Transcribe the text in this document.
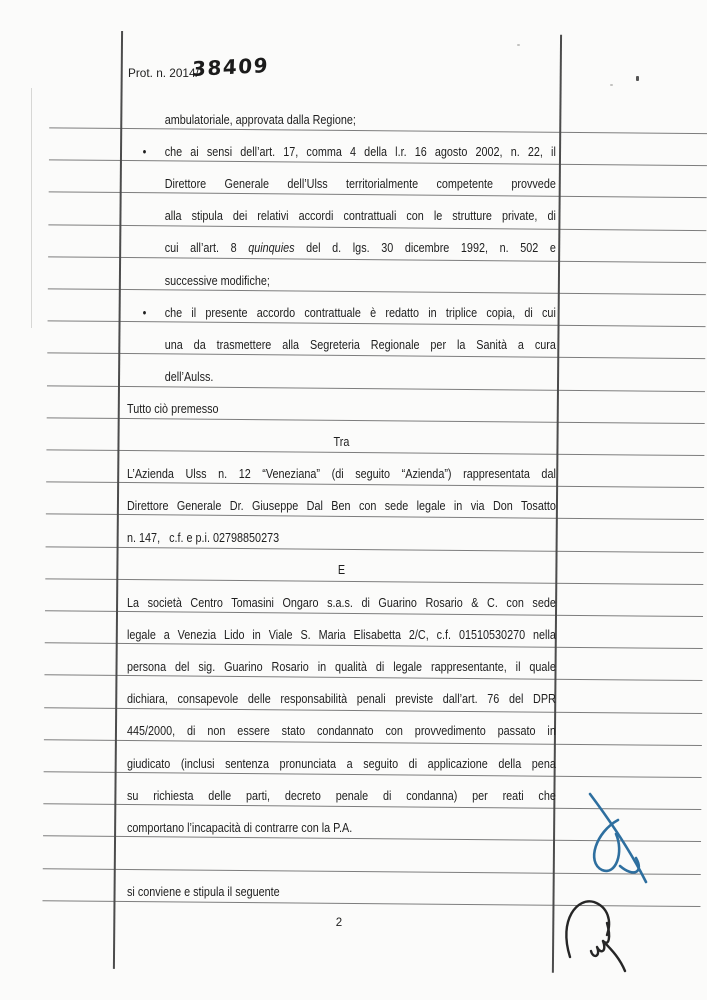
Prot. n. 2014/
38409
ambulatoriale, approvata dalla Regione;
• che ai sensi dell’art. 17, comma 4 della l.r. 16 agosto 2002, n. 22, il
Direttore Generale dell’Ulss territorialmente competente provvede
alla stipula dei relativi accordi contrattuali con le strutture private, di
cui all’art. 8 quinquies del d. lgs. 30 dicembre 1992, n. 502 e
successive modifiche;
• che il presente accordo contrattuale è redatto in triplice copia, di cui
una da trasmettere alla Segreteria Regionale per la Sanità a cura
dell’Aulss.
Tutto ciò premesso
Tra
L’Azienda Ulss n. 12 “Veneziana” (di seguito “Azienda”) rappresentata dal
Direttore Generale Dr. Giuseppe Dal Ben con sede legale in via Don Tosatto
n. 147,   c.f. e p.i. 02798850273
E
La società Centro Tomasini Ongaro s.a.s. di Guarino Rosario & C. con sede
legale a Venezia Lido in Viale S. Maria Elisabetta 2/C, c.f. 01510530270 nella
persona del sig. Guarino Rosario in qualità di legale rappresentante, il quale
dichiara, consapevole delle responsabilità penali previste dall’art. 76 del DPR
445/2000, di non essere stato condannato con provvedimento passato in
giudicato (inclusi sentenza pronunciata a seguito di applicazione della pena
su richiesta delle parti, decreto penale di condanna) per reati che
comportano l’incapacità di contrarre con la P.A.
si conviene e stipula il seguente
2
